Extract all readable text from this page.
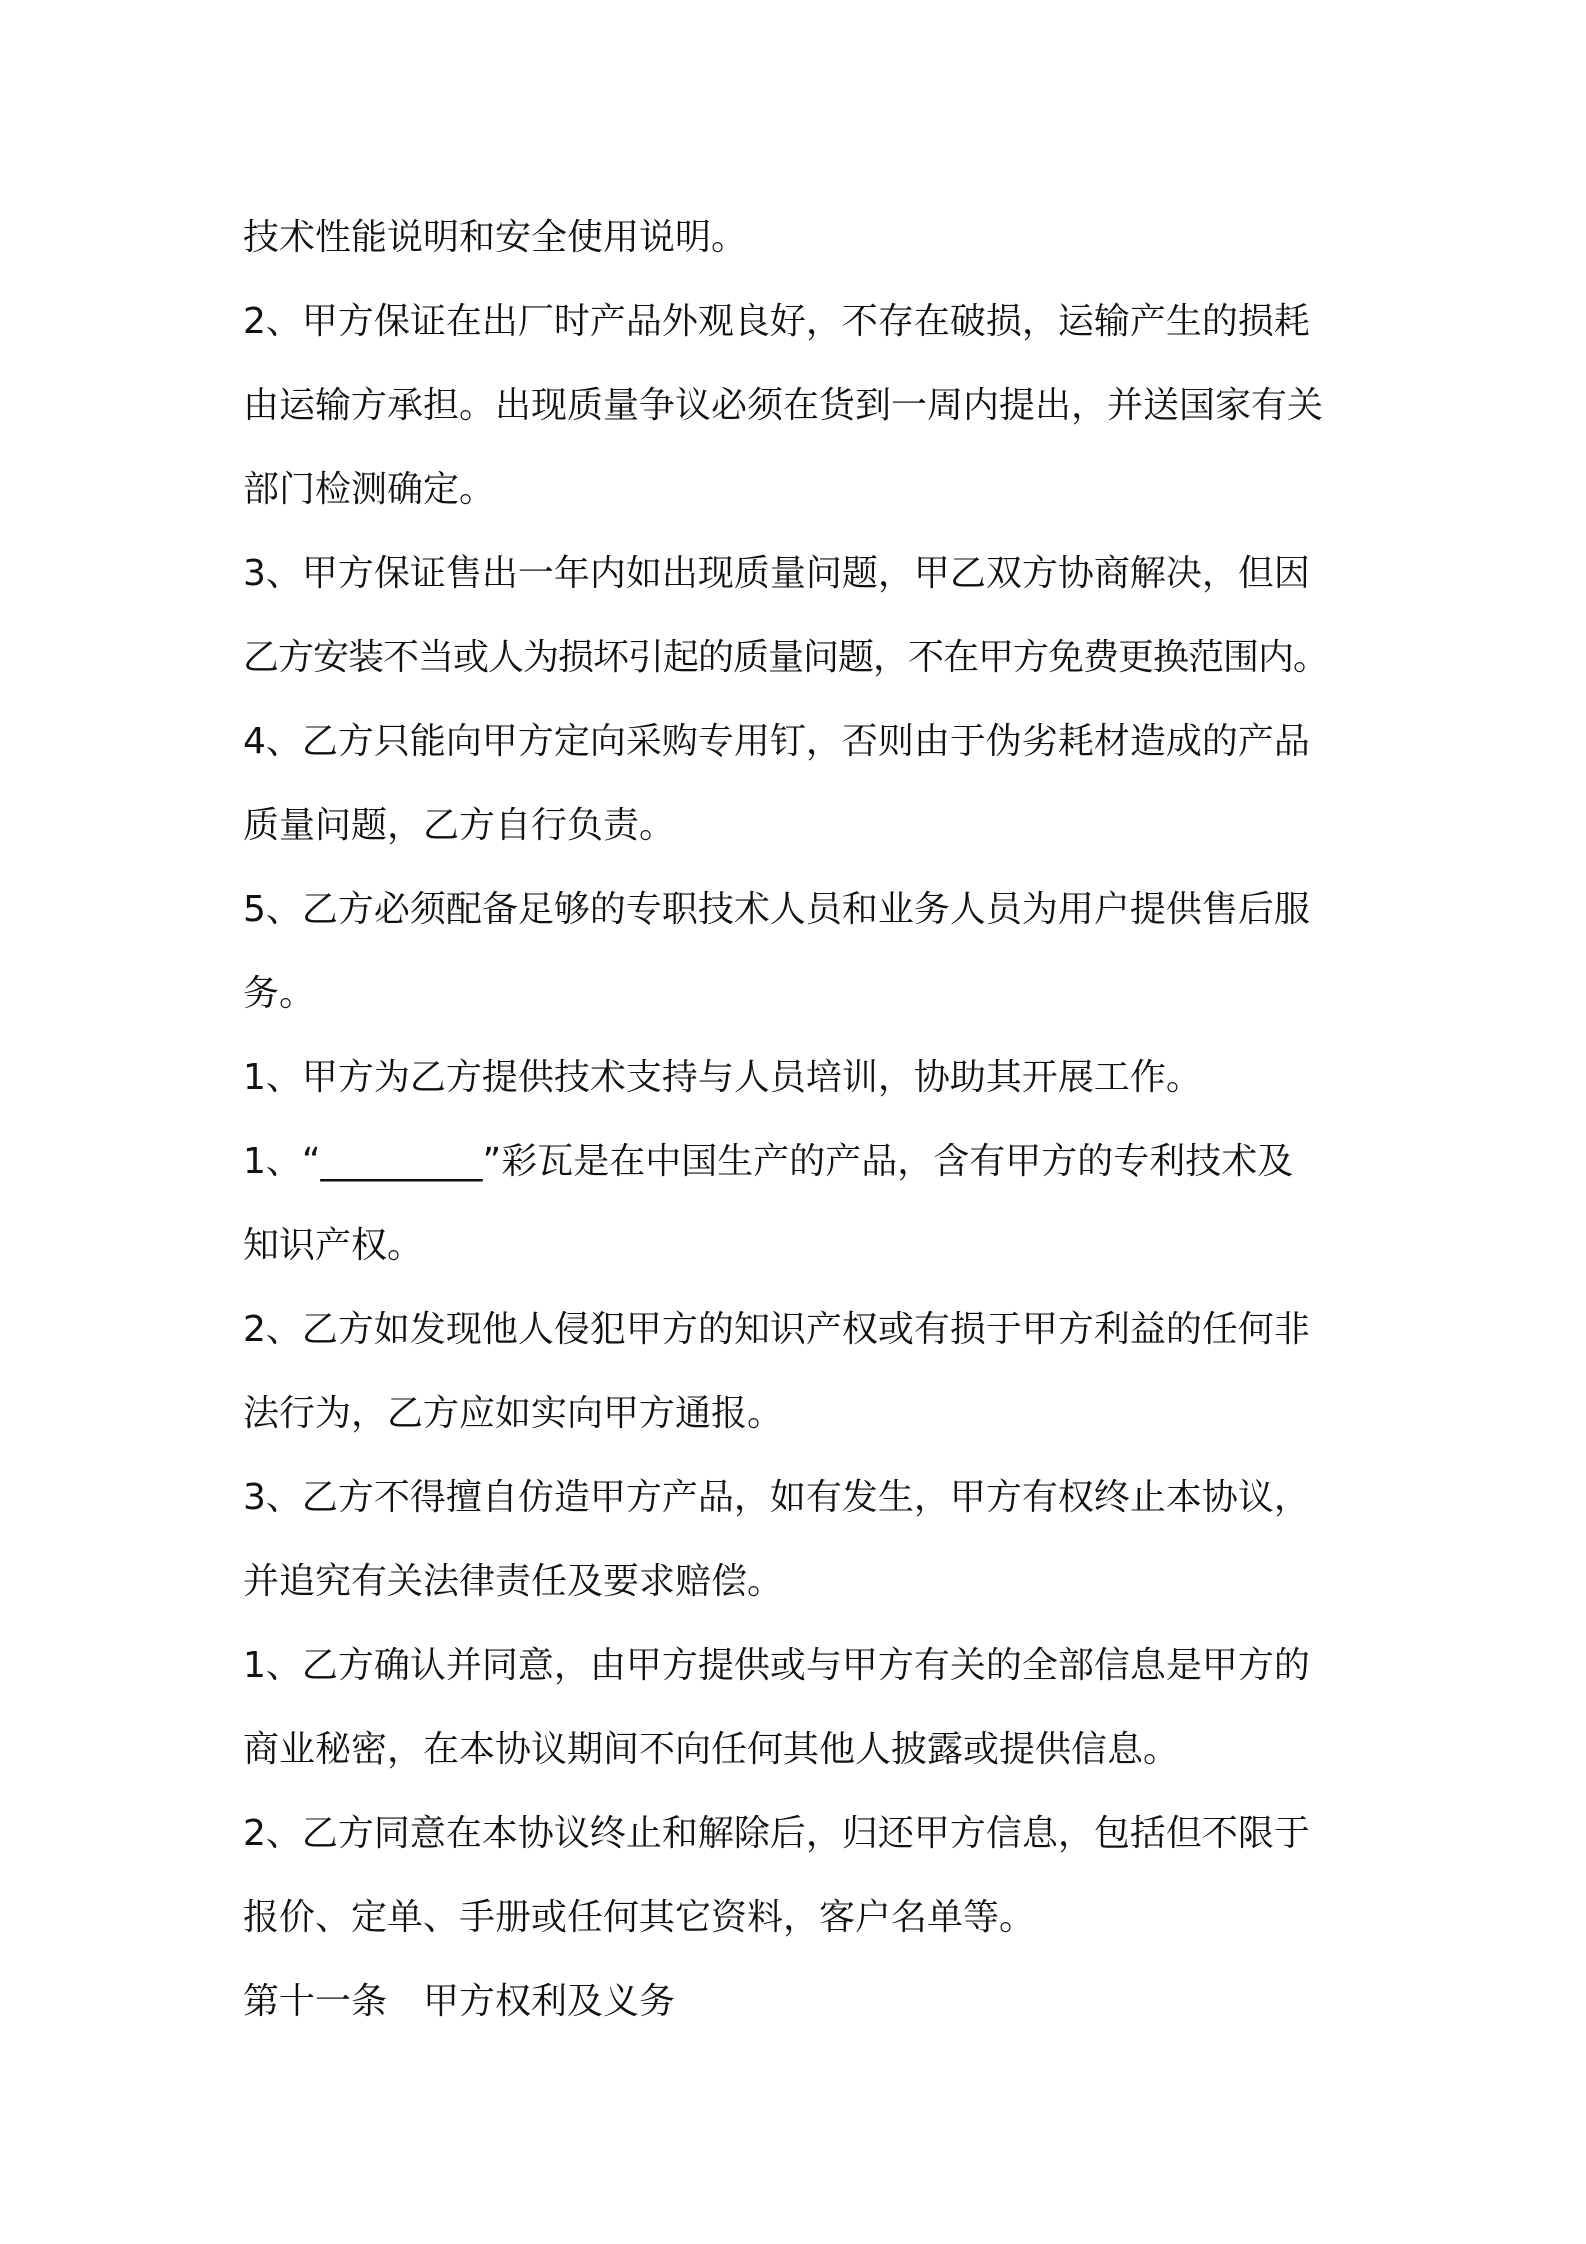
技术性能说明和安全使用说明。
2、甲方保证在出厂时产品外观良好，不存在破损，运输产生的损耗
由运输方承担。出现质量争议必须在货到一周内提出，并送国家有关
部门检测确定。
3、甲方保证售出一年内如出现质量问题，甲乙双方协商解决，但因
乙方安装不当或人为损坏引起的质量问题，不在甲方免费更换范围内。
4、乙方只能向甲方定向采购专用钉，否则由于伪劣耗材造成的产品
质量问题，乙方自行负责。
5、乙方必须配备足够的专职技术人员和业务人员为用户提供售后服
务。
1、甲方为乙方提供技术支持与人员培训，协助其开展工作。
1、“_________”彩瓦是在中国生产的产品，含有甲方的专利技术及
知识产权。
2、乙方如发现他人侵犯甲方的知识产权或有损于甲方利益的任何非
法行为，乙方应如实向甲方通报。
3、乙方不得擅自仿造甲方产品，如有发生，甲方有权终止本协议，
并追究有关法律责任及要求赔偿。
1、乙方确认并同意，由甲方提供或与甲方有关的全部信息是甲方的
商业秘密，在本协议期间不向任何其他人披露或提供信息。
2、乙方同意在本协议终止和解除后，归还甲方信息，包括但不限于
报价、定单、手册或任何其它资料，客户名单等。
第十一条　甲方权利及义务
